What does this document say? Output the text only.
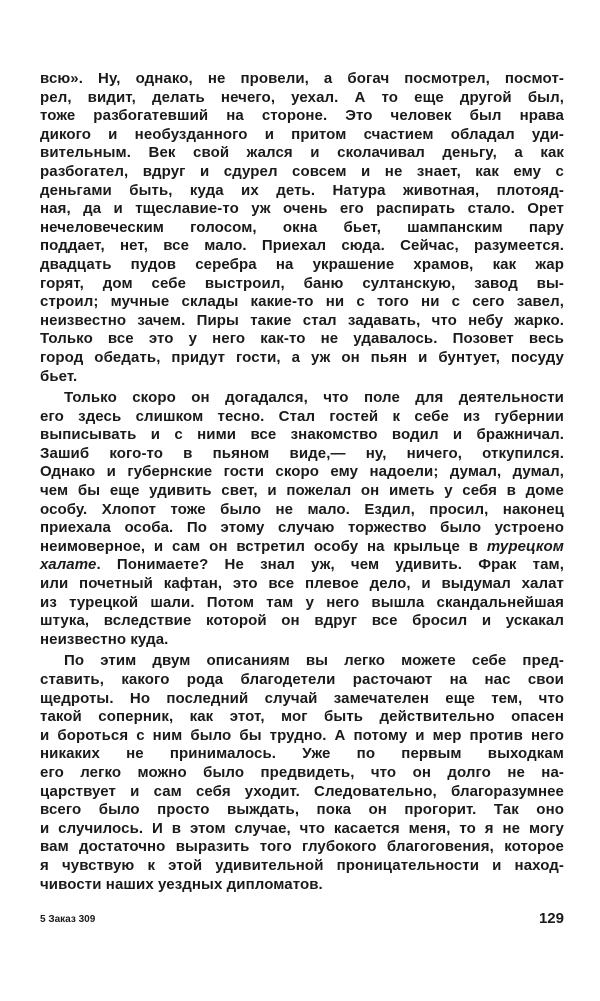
всю». Ну, однако, не провели, а богач посмотрел, посмот-
рел, видит, делать нечего, уехал. А то еще другой был,
тоже разбогатевший на стороне. Это человек был нрава
дикого и необузданного и притом счастием обладал уди-
вительным. Век свой жался и сколачивал деньгу, а как
разбогател, вдруг и сдурел совсем и не знает, как ему с
деньгами быть, куда их деть. Натура животная, плотояд-
ная, да и тщеславие-то уж очень его распирать стало. Орет
нечеловеческим голосом, окна бьет, шампанским пару
поддает, нет, все мало. Приехал сюда. Сейчас, разумеется.
двадцать пудов серебра на украшение храмов, как жар
горят, дом себе выстроил, баню султанскую, завод вы-
строил; мучные склады какие-то ни с того ни с сего завел,
неизвестно зачем. Пиры такие стал задавать, что небу жарко.
Только все это у него как-то не удавалось. Позовет весь
город обедать, придут гости, а уж он пьян и бунтует, посуду
бьет.
Только скоро он догадался, что поле для деятельности
его здесь слишком тесно. Стал гостей к себе из губернии
выписывать и с ними все знакомство водил и бражничал.
Зашиб кого-то в пьяном виде,— ну, ничего, откупился.
Однако и губернские гости скоро ему надоели; думал, думал,
чем бы еще удивить свет, и пожелал он иметь у себя в доме
особу. Хлопот тоже было не мало. Ездил, просил, наконец
приехала особа. По этому случаю торжество было устроено
неимоверное, и сам он встретил особу на крыльце в турецком
халате. Понимаете? Не знал уж, чем удивить. Фрак там,
или почетный кафтан, это все плевое дело, и выдумал халат
из турецкой шали. Потом там у него вышла скандальнейшая
штука, вследствие которой он вдруг все бросил и ускакал
неизвестно куда.
По этим двум описаниям вы легко можете себе пред-
ставить, какого рода благодетели расточают на нас свои
щедроты. Но последний случай замечателен еще тем, что
такой соперник, как этот, мог быть действительно опасен
и бороться с ним было бы трудно. А потому и мер против него
никаких не принималось. Уже по первым выходкам
его легко можно было предвидеть, что он долго не на-
царствует и сам себя уходит. Следовательно, благоразумнее
всего было просто выждать, пока он прогорит. Так оно
и случилось. И в этом случае, что касается меня, то я не могу
вам достаточно выразить того глубокого благоговения, которое
я чувствую к этой удивительной проницательности и наход-
чивости наших уездных дипломатов.
5 Заказ 309	129
